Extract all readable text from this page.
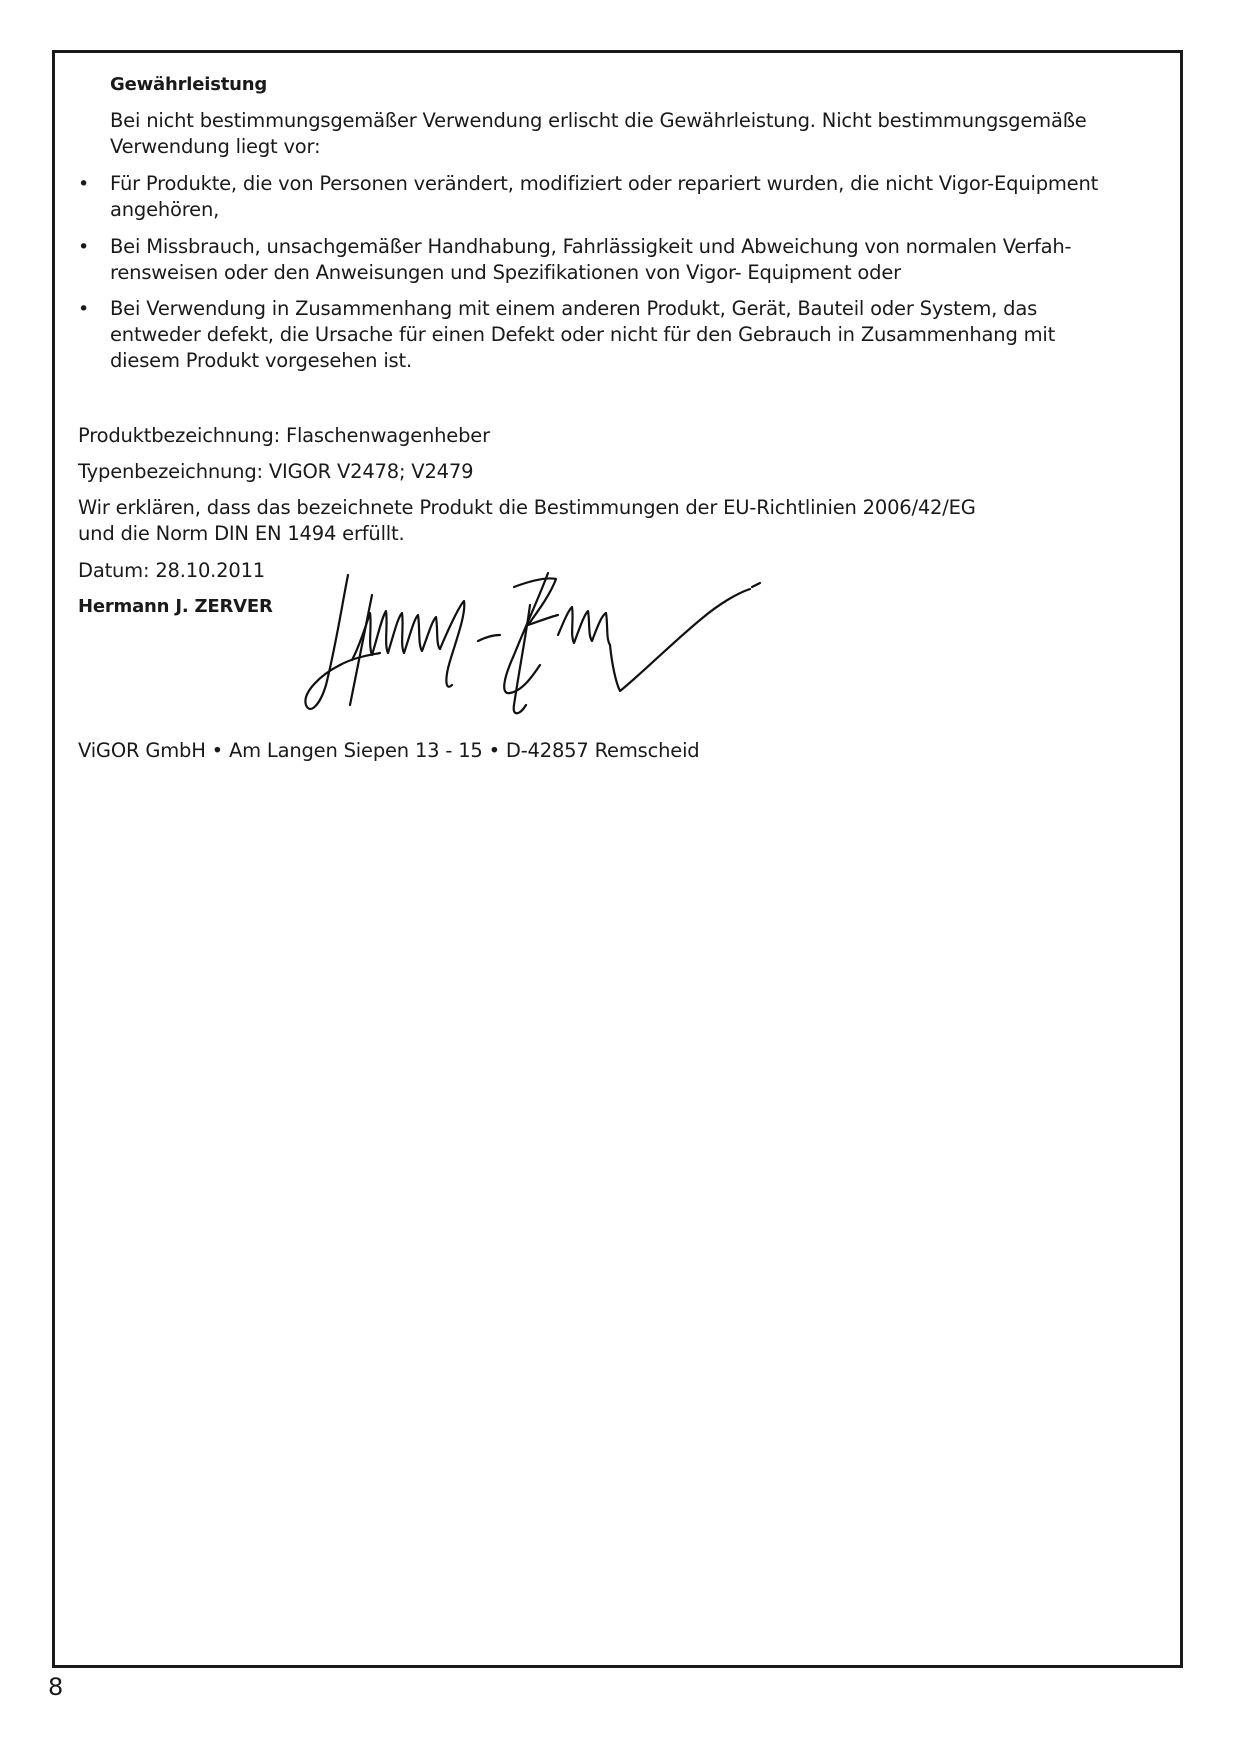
Gewährleistung
Bei nicht bestimmungsgemäßer Verwendung erlischt die Gewährleistung. Nicht bestimmungsgemäße
Verwendung liegt vor:
• Für Produkte, die von Personen verändert, modifiziert oder repariert wurden, die nicht Vigor-Equipment
angehören,
• Bei Missbrauch, unsachgemäßer Handhabung, Fahrlässigkeit und Abweichung von normalen Verfah-
rensweisen oder den Anweisungen und Spezifikationen von Vigor- Equipment oder
• Bei Verwendung in Zusammenhang mit einem anderen Produkt, Gerät, Bauteil oder System, das
entweder defekt, die Ursache für einen Defekt oder nicht für den Gebrauch in Zusammenhang mit
diesem Produkt vorgesehen ist.
Produktbezeichnung: Flaschenwagenheber
Typenbezeichnung: VIGOR V2478; V2479
Wir erklären, dass das bezeichnete Produkt die Bestimmungen der EU-Richtlinien 2006/42/EG
und die Norm DIN EN 1494 erfüllt.
Datum: 28.10.2011
Hermann J. ZERVER
ViGOR GmbH • Am Langen Siepen 13 - 15 • D-42857 Remscheid
8
